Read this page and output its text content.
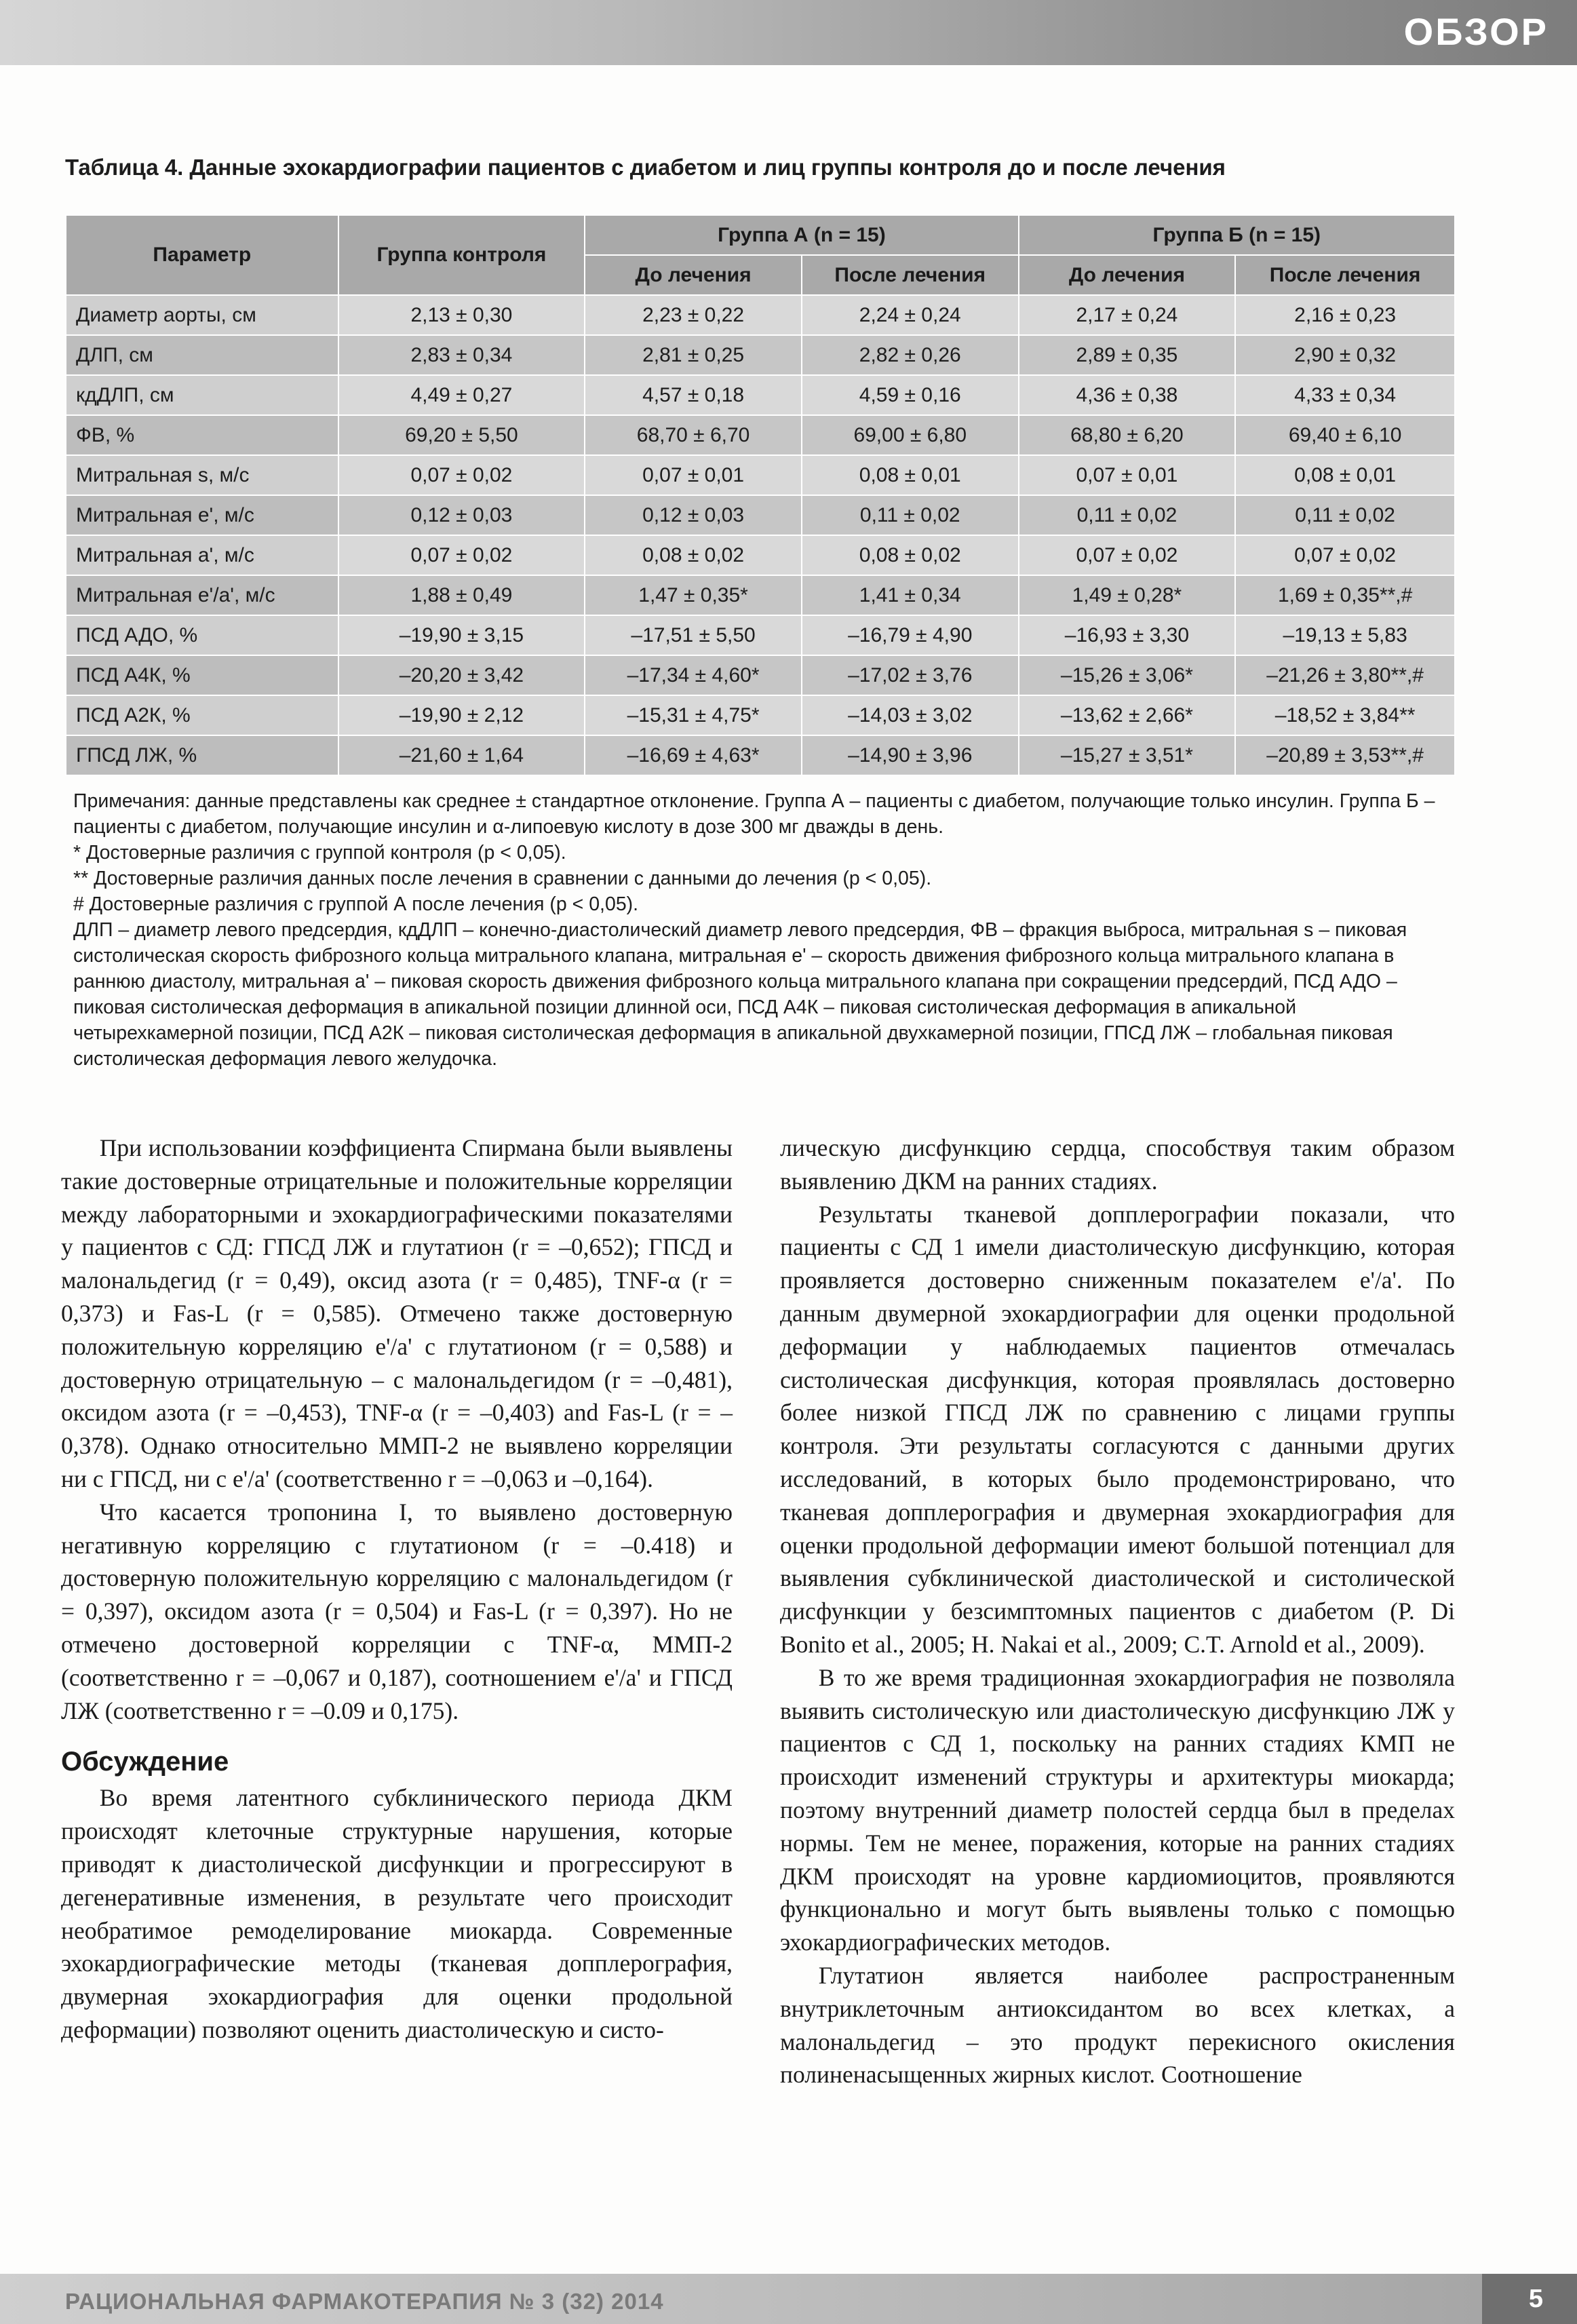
ОБЗОР
Таблица 4. Данные эхокардиографии пациентов с диабетом и лиц группы контроля до и после лечения
Параметр	Группа контроля	Группа А (n = 15)		Группа Б (n = 15)	
		До лечения	После лечения	До лечения	После лечения
Диаметр аорты, см	2,13 ± 0,30	2,23 ± 0,22	2,24 ± 0,24	2,17 ± 0,24	2,16 ± 0,23
ДЛП, см	2,83 ± 0,34	2,81 ± 0,25	2,82 ± 0,26	2,89 ± 0,35	2,90 ± 0,32
кдДЛП, см	4,49 ± 0,27	4,57 ± 0,18	4,59 ± 0,16	4,36 ± 0,38	4,33 ± 0,34
ФВ, %	69,20 ± 5,50	68,70 ± 6,70	69,00 ± 6,80	68,80 ± 6,20	69,40 ± 6,10
Митральная s, м/с	0,07 ± 0,02	0,07 ± 0,01	0,08 ± 0,01	0,07 ± 0,01	0,08 ± 0,01
Митральная е', м/с	0,12 ± 0,03	0,12 ± 0,03	0,11 ± 0,02	0,11 ± 0,02	0,11 ± 0,02
Митральная а', м/с	0,07 ± 0,02	0,08 ± 0,02	0,08 ± 0,02	0,07 ± 0,02	0,07 ± 0,02
Митральная е'/а', м/с	1,88 ± 0,49	1,47 ± 0,35*	1,41 ± 0,34	1,49 ± 0,28*	1,69 ± 0,35**,#
ПСД АДО, %	–19,90 ± 3,15	–17,51 ± 5,50	–16,79 ± 4,90	–16,93 ± 3,30	–19,13 ± 5,83
ПСД А4К, %	–20,20 ± 3,42	–17,34 ± 4,60*	–17,02 ± 3,76	–15,26 ± 3,06*	–21,26 ± 3,80**,#
ПСД А2К, %	–19,90 ± 2,12	–15,31 ± 4,75*	–14,03 ± 3,02	–13,62 ± 2,66*	–18,52 ± 3,84**
ГПСД ЛЖ, %	–21,60 ± 1,64	–16,69 ± 4,63*	–14,90 ± 3,96	–15,27 ± 3,51*	–20,89 ± 3,53**,#

Примечания: данные представлены как среднее ± стандартное отклонение. Группа А – пациенты с диабетом, получающие только инсулин. Группа Б – пациенты с диабетом, получающие инсулин и α-липоевую кислоту в дозе 300 мг дважды в день.

* Достоверные различия с группой контроля (p < 0,05).

** Достоверные различия данных после лечения в сравнении с данными до лечения (p < 0,05).

# Достоверные различия с группой А после лечения (p < 0,05).

ДЛП – диаметр левого предсердия, кдДЛП – конечно-диастолический диаметр левого предсердия, ФВ – фракция выброса, митральная s – пиковая систолическая скорость фиброзного кольца митрального клапана, митральная е' – скорость движения фиброзного кольца митрального клапана в раннюю диастолу, митральная а' – пиковая скорость движения фиброзного кольца митрального клапана при сокращении предсердий, ПСД АДО – пиковая систолическая деформация в апикальной позиции длинной оси, ПСД А4К – пиковая систолическая деформация в апикальной четырехкамерной позиции, ПСД А2К – пиковая систолическая деформация в апикальной двухкамерной позиции, ГПСД ЛЖ – глобальная пиковая систолическая деформация левого желудочка.

При использовании коэффициента Спирмана были выявлены такие достоверные отрицательные и положительные корреляции между лабораторными и эхокардиографическими показателями у пациентов с СД: ГПСД ЛЖ и глутатион (r = –0,652); ГПСД и малональдегид (r = 0,49), оксид азота (r = 0,485), TNF-α (r = 0,373) и Fas-L (r = 0,585). Отмечено также достоверную положительную корреляцию е'/а' с глутатионом (r = 0,588) и достоверную отрицательную – с малональдегидом (r = –0,481), оксидом азота (r = –0,453), TNF-α (r = –0,403) and Fas-L (r = –0,378). Однако относительно ММП-2 не выявлено корреляции ни с ГПСД, ни с е'/а' (соответственно r = –0,063 и –0,164).

Что касается тропонина I, то выявлено достоверную негативную корреляцию с глутатионом (r = –0.418) и достоверную положительную корреляцию с малональдегидом (r = 0,397), оксидом азота (r = 0,504) и Fas-L (r = 0,397). Но не отмечено достоверной корреляции с TNF-α, ММП-2 (соответственно r = –0,067 и 0,187), соотношением е'/а' и ГПСД ЛЖ (соответственно r = –0.09 и 0,175).

Обсуждение

Во время латентного субклинического периода ДКМ происходят клеточные структурные нарушения, которые приводят к диастолической дисфункции и прогрессируют в дегенеративные изменения, в результате чего происходит необратимое ремоделирование миокарда. Современные эхокардиографические методы (тканевая допплерография, двумерная эхокардиография для оценки продольной деформации) позволяют оценить диастолическую и систо-

лическую дисфункцию сердца, способствуя таким образом выявлению ДКМ на ранних стадиях.

Результаты тканевой допплерографии показали, что пациенты с СД 1 имели диастолическую дисфункцию, которая проявляется достоверно сниженным показателем е'/а'. По данным двумерной эхокардиографии для оценки продольной деформации у наблюдаемых пациентов отмечалась систолическая дисфункция, которая проявлялась достоверно более низкой ГПСД ЛЖ по сравнению с лицами группы контроля. Эти результаты согласуются с данными других исследований, в которых было продемонстрировано, что тканевая допплерография и двумерная эхокардиография для оценки продольной деформации имеют большой потенциал для выявления субклинической диастолической и систолической дисфункции у безсимптомных пациентов с диабетом (P. Di Bonito et al., 2005; H. Nakai et al., 2009; C.T. Arnold et al., 2009).

В то же время традиционная эхокардиография не позволяла выявить систолическую или диастолическую дисфункцию ЛЖ у пациентов с СД 1, поскольку на ранних стадиях КМП не происходит изменений структуры и архитектуры миокарда; поэтому внутренний диаметр полостей сердца был в пределах нормы. Тем не менее, поражения, которые на ранних стадиях ДКМ происходят на уровне кардиомиоцитов, проявляются функционально и могут быть выявлены только с помощью эхокардиографических методов.

Глутатион является наиболее распространенным внутриклеточным антиоксидантом во всех клетках, а малональдегид – это продукт перекисного окисления полиненасыщенных жирных кислот. Соотношение

РАЦИОНАЛЬНАЯ ФАРМАКОТЕРАПИЯ № 3 (32) 2014	5
